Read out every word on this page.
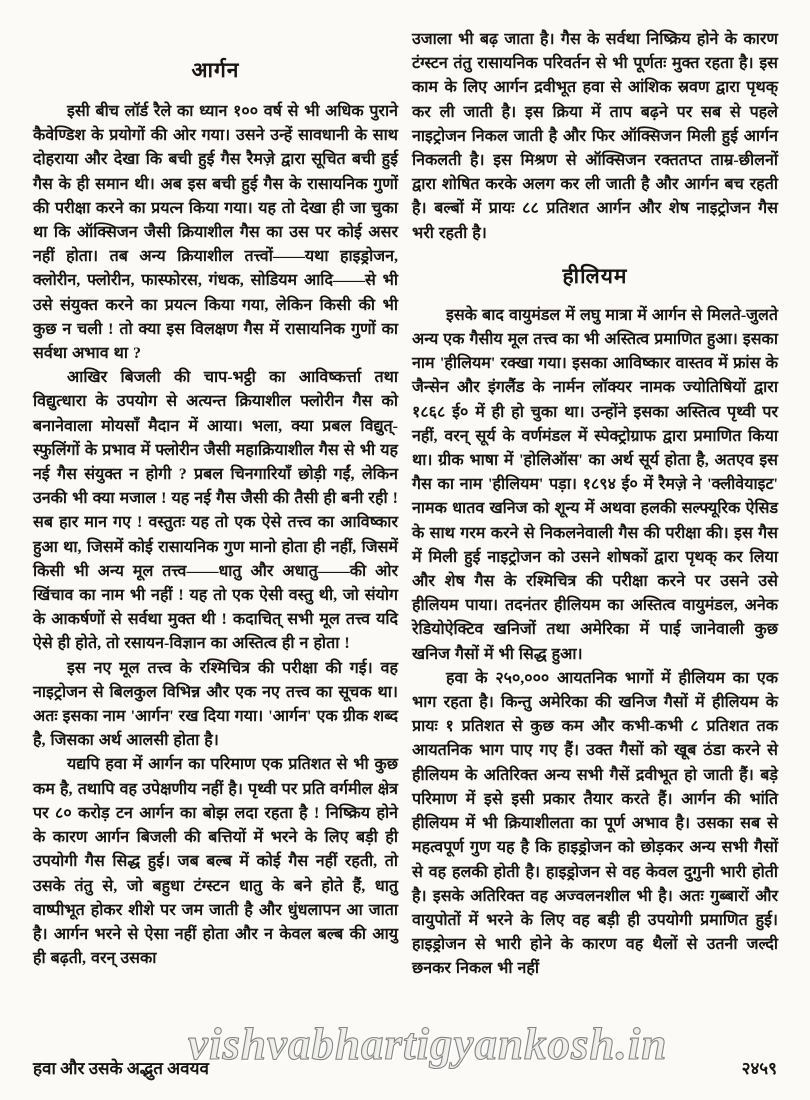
आर्गन

इसी बीच लॉर्ड रैले का ध्यान १०० वर्ष से भी अधिक पुराने कैवेण्डिश के प्रयोगों की ओर गया। उसने उन्हें सावधानी के साथ दोहराया और देखा कि बची हुई गैस रैमज़े द्वारा सूचित बची हुई गैस के ही समान थी। अब इस बची हुई गैस के रासायनिक गुणों की परीक्षा करने का प्रयत्न किया गया। यह तो देखा ही जा चुका था कि ऑक्सिजन जैसी क्रियाशील गैस का उस पर कोई असर नहीं होता। तब अन्य क्रियाशील तत्त्वों——यथा हाइड्रोजन, क्लोरीन, फ्लोरीन, फास्फोरस, गंधक, सोडियम आदि——से भी उसे संयुक्त करने का प्रयत्न किया गया, लेकिन किसी की भी कुछ न चली ! तो क्या इस विलक्षण गैस में रासायनिक गुणों का सर्वथा अभाव था ?

आखिर बिजली की चाप-भट्ठी का आविष्कर्त्ता तथा विद्युत्धारा के उपयोग से अत्यन्त क्रियाशील फ्लोरीन गैस को बनानेवाला मोयसाँ मैदान में आया। भला, क्या प्रबल विद्युत्-स्फुलिंगों के प्रभाव में फ्लोरीन जैसी महाक्रियाशील गैस से भी यह नई गैस संयुक्त न होगी ? प्रबल चिनगारियाँ छोड़ी गईं, लेकिन उनकी भी क्या मजाल ! यह नई गैस जैसी की तैसी ही बनी रही ! सब हार मान गए ! वस्तुतः यह तो एक ऐसे तत्त्व का आविष्कार हुआ था, जिसमें कोई रासायनिक गुण मानो होता ही नहीं, जिसमें किसी भी अन्य मूल तत्त्व——धातु और अधातु——की ओर खिंचाव का नाम भी नहीं ! यह तो एक ऐसी वस्तु थी, जो संयोग के आकर्षणों से सर्वथा मुक्त थी ! कदाचित् सभी मूल तत्त्व यदि ऐसे ही होते, तो रसायन-विज्ञान का अस्तित्व ही न होता !

इस नए मूल तत्त्व के रश्मिचित्र की परीक्षा की गई। वह नाइट्रोजन से बिलकुल विभिन्न और एक नए तत्त्व का सूचक था। अतः इसका नाम 'आर्गन' रख दिया गया। 'आर्गन' एक ग्रीक शब्द है, जिसका अर्थ आलसी होता है।

यद्यपि हवा में आर्गन का परिमाण एक प्रतिशत से भी कुछ कम है, तथापि वह उपेक्षणीय नहीं है। पृथ्वी पर प्रति वर्गमील क्षेत्र पर ८० करोड़ टन आर्गन का बोझ लदा रहता है ! निष्क्रिय होने के कारण आर्गन बिजली की बत्तियों में भरने के लिए बड़ी ही उपयोगी गैस सिद्ध हुई। जब बल्ब में कोई गैस नहीं रहती, तो उसके तंतु से, जो बहुधा टंग्स्टन धातु के बने होते हैं, धातु वाष्पीभूत होकर शीशे पर जम जाती है और धुंधलापन आ जाता है। आर्गन भरने से ऐसा नहीं होता और न केवल बल्ब की आयु ही बढ़ती, वरन् उसका

उजाला भी बढ़ जाता है। गैस के सर्वथा निष्क्रिय होने के कारण टंग्स्टन तंतु रासायनिक परिवर्तन से भी पूर्णतः मुक्त रहता है। इस काम के लिए आर्गन द्रवीभूत हवा से आंशिक स्रवण द्वारा पृथक् कर ली जाती है। इस क्रिया में ताप बढ़ने पर सब से पहले नाइट्रोजन निकल जाती है और फिर ऑक्सिजन मिली हुई आर्गन निकलती है। इस मिश्रण से ऑक्सिजन रक्ततप्त ताम्र-छीलनों द्वारा शोषित करके अलग कर ली जाती है और आर्गन बच रहती है। बल्बों में प्रायः ८८ प्रतिशत आर्गन और शेष नाइट्रोजन गैस भरी रहती है।

हीलियम

इसके बाद वायुमंडल में लघु मात्रा में आर्गन से मिलते-जुलते अन्य एक गैसीय मूल तत्त्व का भी अस्तित्व प्रमाणित हुआ। इसका नाम 'हीलियम' रक्खा गया। इसका आविष्कार वास्तव में फ्रांस के जैन्सेन और इंगलैंड के नार्मन लॉक्यर नामक ज्योतिषियों द्वारा १८६८ ई० में ही हो चुका था। उन्होंने इसका अस्तित्व पृथ्वी पर नहीं, वरन् सूर्य के वर्णमंडल में स्पेक्ट्रोग्राफ द्वारा प्रमाणित किया था। ग्रीक भाषा में 'होलिऑस' का अर्थ सूर्य होता है, अतएव इस गैस का नाम 'हीलियम' पड़ा। १८९४ ई० में रैमज़े ने 'क्लीवेयाइट' नामक धातव खनिज को शून्य में अथवा हलकी सल्फ्यूरिक ऐसिड के साथ गरम करने से निकलनेवाली गैस की परीक्षा की। इस गैस में मिली हुई नाइट्रोजन को उसने शोषकों द्वारा पृथक् कर लिया और शेष गैस के रश्मिचित्र की परीक्षा करने पर उसने उसे हीलियम पाया। तदनंतर हीलियम का अस्तित्व वायुमंडल, अनेक रेडियोऐक्टिव खनिजों तथा अमेरिका में पाई जानेवाली कुछ खनिज गैसों में भी सिद्ध हुआ।

हवा के २५०,००० आयतनिक भागों में हीलियम का एक भाग रहता है। किन्तु अमेरिका की खनिज गैसों में हीलियम के प्रायः १ प्रतिशत से कुछ कम और कभी-कभी ८ प्रतिशत तक आयतनिक भाग पाए गए हैं। उक्त गैसों को खूब ठंडा करने से हीलियम के अतिरिक्त अन्य सभी गैसें द्रवीभूत हो जाती हैं। बड़े परिमाण में इसे इसी प्रकार तैयार करते हैं। आर्गन की भांति हीलियम में भी क्रियाशीलता का पूर्ण अभाव है। उसका सब से महत्वपूर्ण गुण यह है कि हाइड्रोजन को छोड़कर अन्य सभी गैसों से वह हलकी होती है। हाइड्रोजन से वह केवल दुगुनी भारी होती है। इसके अतिरिक्त वह अज्वलनशील भी है। अतः गुब्बारों और वायुपोतों में भरने के लिए वह बड़ी ही उपयोगी प्रमाणित हुई। हाइड्रोजन से भारी होने के कारण वह थैलों से उतनी जल्दी छनकर निकल भी नहीं

vishvabhartigyankosh.in
हवा और उसके अद्भुत अवयव	२४५९
